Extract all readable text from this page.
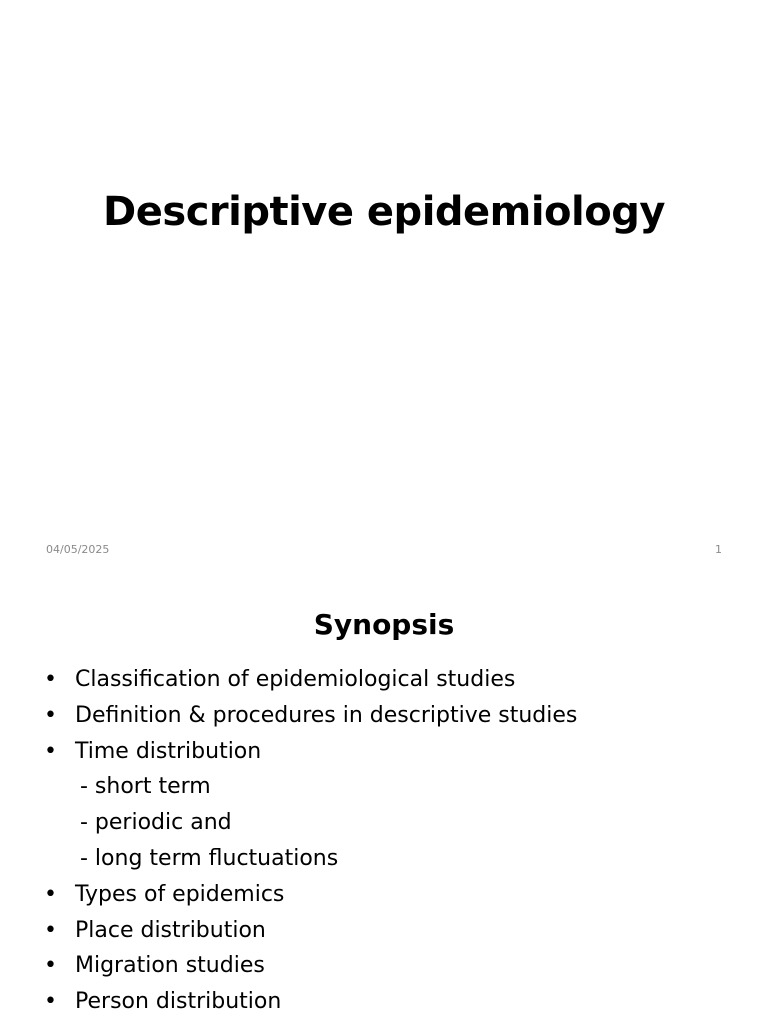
Descriptive epidemiology
04/05/2025	1
Synopsis
• Classification of epidemiological studies
• Definition & procedures in descriptive studies
• Time distribution
- short term
- periodic and
- long term fluctuations
• Types of epidemics
• Place distribution
• Migration studies
• Person distribution
